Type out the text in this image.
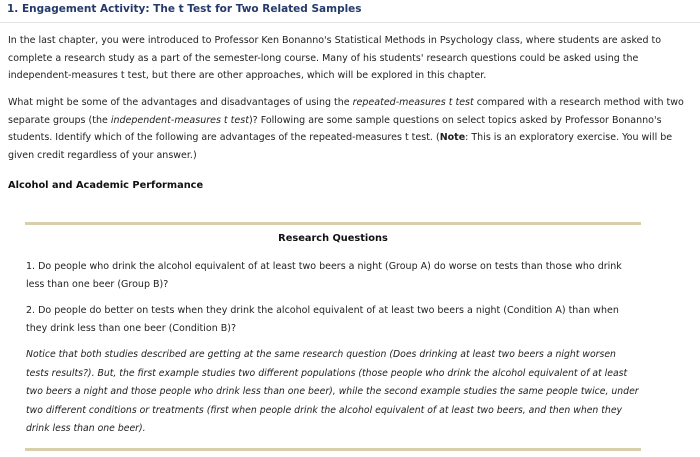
1. Engagement Activity: The t Test for Two Related Samples

In the last chapter, you were introduced to Professor Ken Bonanno's Statistical Methods in Psychology class, where students are asked to complete a research study as a part of the semester-long course. Many of his students' research questions could be asked using the independent-measures t test, but there are other approaches, which will be explored in this chapter.

What might be some of the advantages and disadvantages of using the repeated-measures t test compared with a research method with two separate groups (the independent-measures t test)? Following are some sample questions on select topics asked by Professor Bonanno's students. Identify which of the following are advantages of the repeated-measures t test. (Note: This is an exploratory exercise. You will be given credit regardless of your answer.)

Alcohol and Academic Performance
Research Questions

1. Do people who drink the alcohol equivalent of at least two beers a night (Group A) do worse on tests than those who drink less than one beer (Group B)?

2. Do people do better on tests when they drink the alcohol equivalent of at least two beers a night (Condition A) than when they drink less than one beer (Condition B)?

Notice that both studies described are getting at the same research question (Does drinking at least two beers a night worsen tests results?). But, the first example studies two different populations (those people who drink the alcohol equivalent of at least two beers a night and those people who drink less than one beer), while the second example studies the same people twice, under two different conditions or treatments (first when people drink the alcohol equivalent of at least two beers, and then when they drink less than one beer).
